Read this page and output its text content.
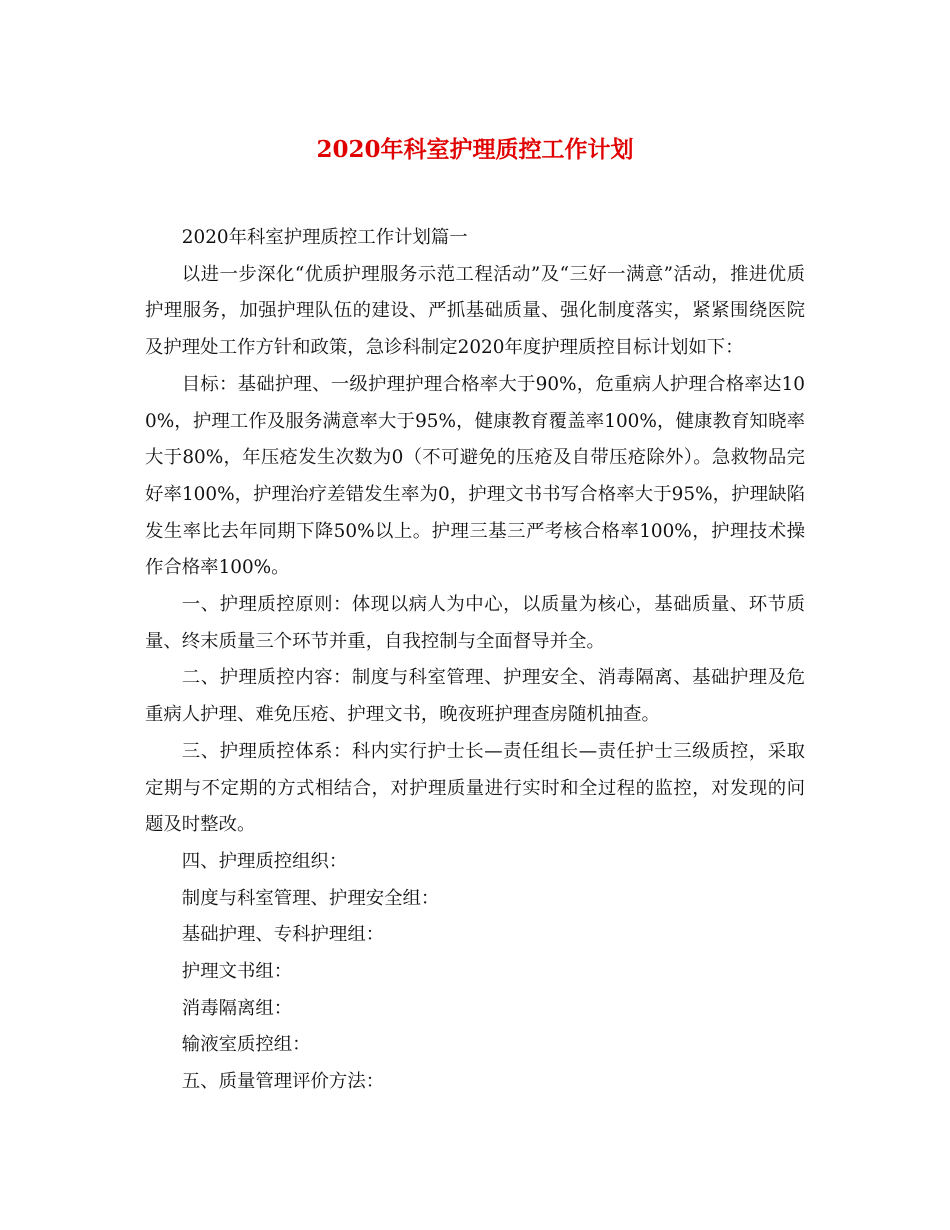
2020年科室护理质控工作计划

2020年科室护理质控工作计划篇一

以进一步深化“优质护理服务示范工程活动”及“三好一满意”活动，推进优质护理服务，加强护理队伍的建设、严抓基础质量、强化制度落实，紧紧围绕医院及护理处工作方针和政策，急诊科制定2020年度护理质控目标计划如下：

目标：基础护理、一级护理护理合格率大于90%，危重病人护理合格率达100%，护理工作及服务满意率大于95%，健康教育覆盖率100%，健康教育知晓率大于80%，年压疮发生次数为0（不可避免的压疮及自带压疮除外）。急救物品完好率100%，护理治疗差错发生率为0，护理文书书写合格率大于95%，护理缺陷发生率比去年同期下降50%以上。护理三基三严考核合格率100%，护理技术操作合格率100%。

一、护理质控原则：体现以病人为中心，以质量为核心，基础质量、环节质量、终末质量三个环节并重，自我控制与全面督导并全。

二、护理质控内容：制度与科室管理、护理安全、消毒隔离、基础护理及危重病人护理、难免压疮、护理文书，晚夜班护理查房随机抽查。

三、护理质控体系：科内实行护士长—责任组长—责任护士三级质控，采取定期与不定期的方式相结合，对护理质量进行实时和全过程的监控，对发现的问题及时整改。

四、护理质控组织：

制度与科室管理、护理安全组：

基础护理、专科护理组：

护理文书组：

消毒隔离组：

输液室质控组：

五、质量管理评价方法：
